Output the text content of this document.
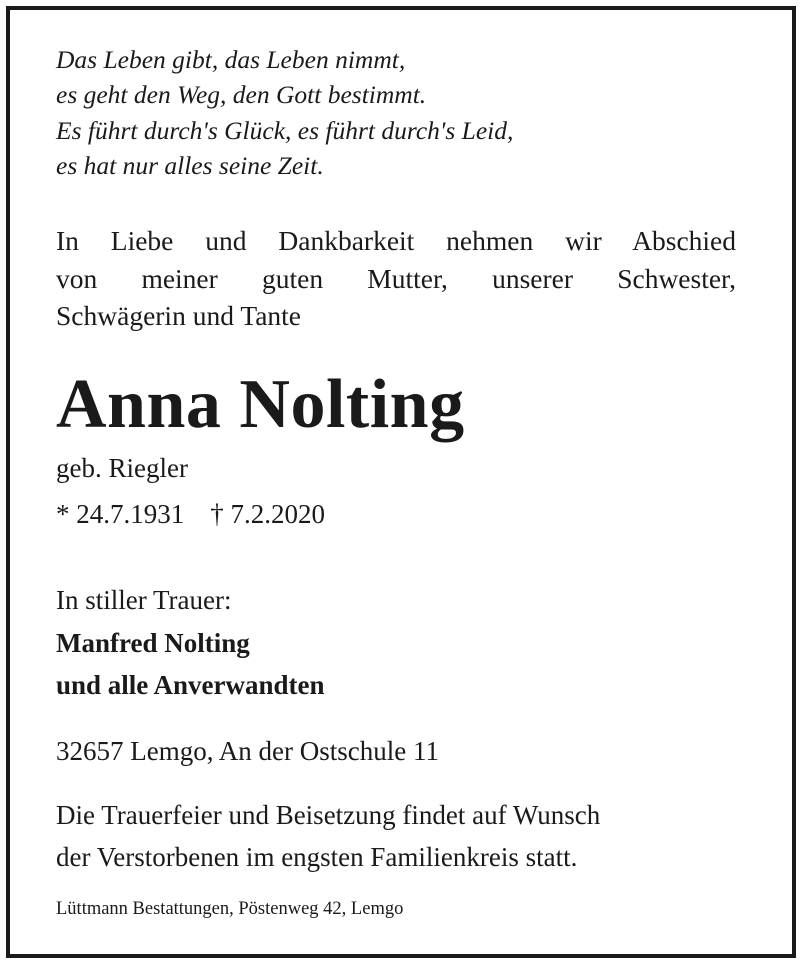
Das Leben gibt, das Leben nimmt,
es geht den Weg, den Gott bestimmt.
Es führt durch's Glück, es führt durch's Leid,
es hat nur alles seine Zeit.
In Liebe und Dankbarkeit nehmen wir Abschied
von meiner guten Mutter, unserer Schwester,
Schwägerin und Tante
Anna Nolting
geb. Riegler
* 24.7.1931 † 7.2.2020
In stiller Trauer:
Manfred Nolting
und alle Anverwandten
32657 Lemgo, An der Ostschule 11
Die Trauerfeier und Beisetzung findet auf Wunsch
der Verstorbenen im engsten Familienkreis statt.
Lüttmann Bestattungen, Pöstenweg 42, Lemgo
